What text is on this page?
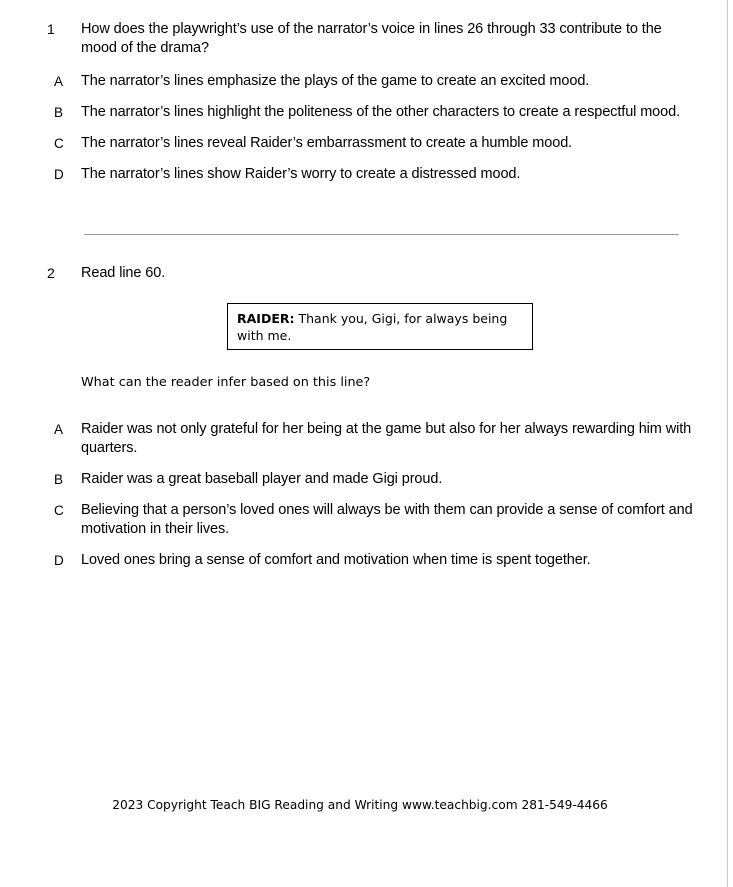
1 How does the playwright’s use of the narrator’s voice in lines 26 through 33 contribute to the mood of the drama?
A The narrator’s lines emphasize the plays of the game to create an excited mood.
B The narrator’s lines highlight the politeness of the other characters to create a respectful mood.
C The narrator’s lines reveal Raider’s embarrassment to create a humble mood.
D The narrator’s lines show Raider’s worry to create a distressed mood.
2 Read line 60.
RAIDER: Thank you, Gigi, for always being with me.
What can the reader infer based on this line?
A Raider was not only grateful for her being at the game but also for her always rewarding him with quarters.
B Raider was a great baseball player and made Gigi proud.
C Believing that a person’s loved ones will always be with them can provide a sense of comfort and motivation in their lives.
D Loved ones bring a sense of comfort and motivation when time is spent together.
2023 Copyright Teach BIG Reading and Writing www.teachbig.com 281-549-4466
